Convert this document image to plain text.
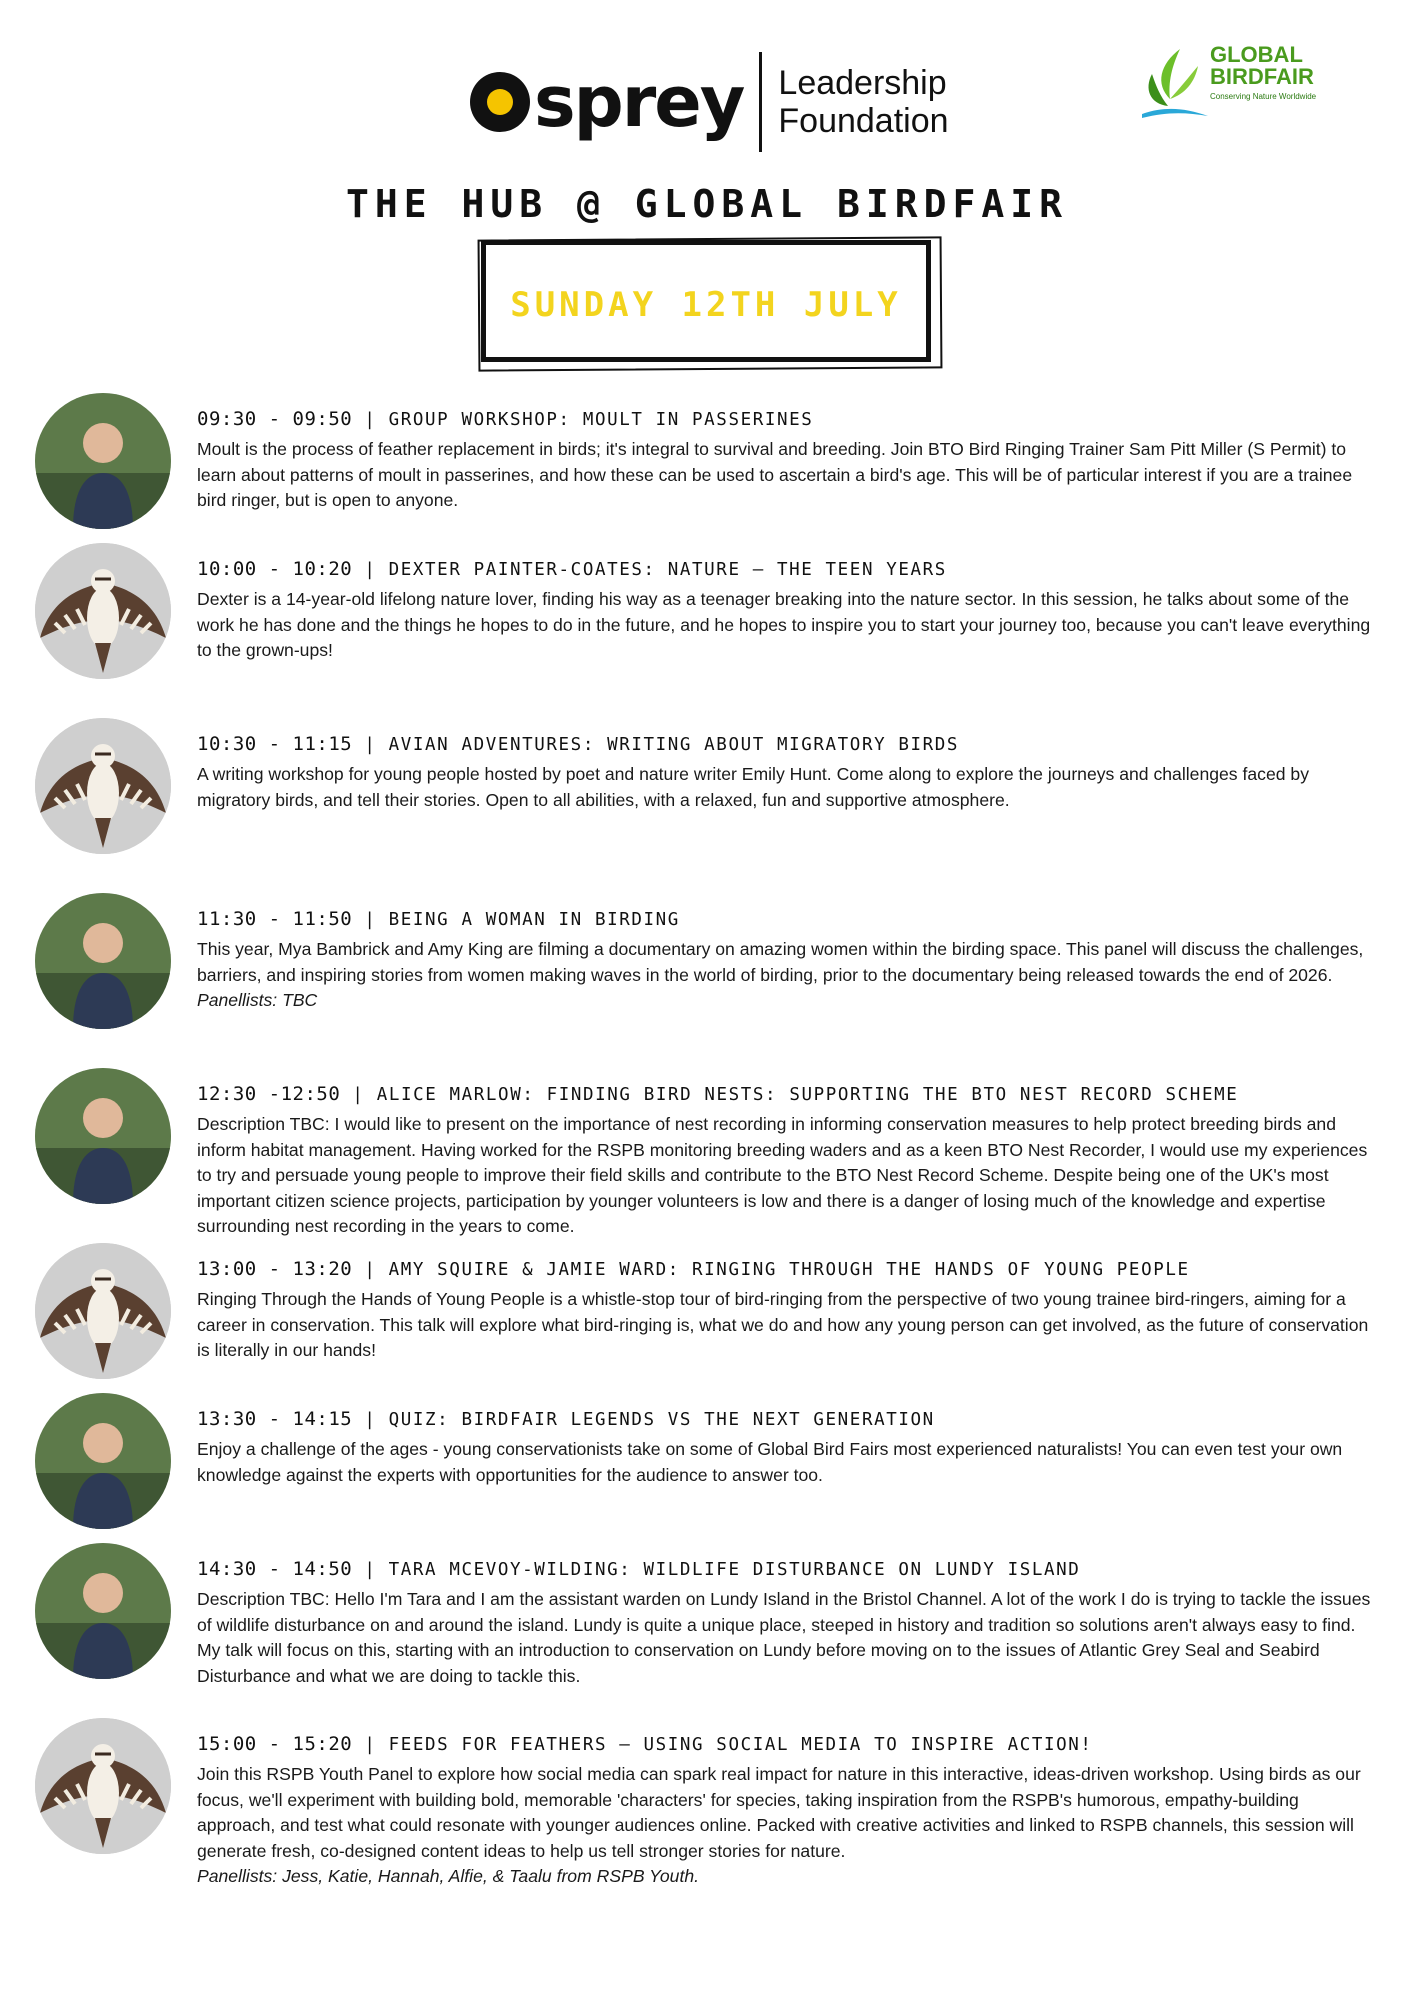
sprey Leadership
Foundation
GLOBAL
BIRDFAIR
Conserving Nature Worldwide
THE HUB @ GLOBAL BIRDFAIR
SUNDAY 12TH JULY
09:30 - 09:50 | GROUP WORKSHOP: MOULT IN PASSERINES
Moult is the process of feather replacement in birds; it's integral to survival and breeding. Join BTO Bird Ringing Trainer Sam Pitt Miller (S Permit) to learn about patterns of moult in passerines, and how these can be used to ascertain a bird's age. This will be of particular interest if you are a trainee bird ringer, but is open to anyone.
10:00 - 10:20 | DEXTER PAINTER-COATES: NATURE – THE TEEN YEARS
Dexter is a 14-year-old lifelong nature lover, finding his way as a teenager breaking into the nature sector. In this session, he talks about some of the work he has done and the things he hopes to do in the future, and he hopes to inspire you to start your journey too, because you can't leave everything to the grown-ups!
10:30 - 11:15 | AVIAN ADVENTURES: WRITING ABOUT MIGRATORY BIRDS
A writing workshop for young people hosted by poet and nature writer Emily Hunt. Come along to explore the journeys and challenges faced by migratory birds, and tell their stories. Open to all abilities, with a relaxed, fun and supportive atmosphere.
11:30 - 11:50 | BEING A WOMAN IN BIRDING
This year, Mya Bambrick and Amy King are filming a documentary on amazing women within the birding space. This panel will discuss the challenges, barriers, and inspiring stories from women making waves in the world of birding, prior to the documentary being released towards the end of 2026.
Panellists: TBC
12:30 -12:50 | ALICE MARLOW: FINDING BIRD NESTS: SUPPORTING THE BTO NEST RECORD SCHEME
Description TBC: I would like to present on the importance of nest recording in informing conservation measures to help protect breeding birds and inform habitat management. Having worked for the RSPB monitoring breeding waders and as a keen BTO Nest Recorder, I would use my experiences to try and persuade young people to improve their field skills and contribute to the BTO Nest Record Scheme. Despite being one of the UK's most important citizen science projects, participation by younger volunteers is low and there is a danger of losing much of the knowledge and expertise surrounding nest recording in the years to come.
13:00 - 13:20 | AMY SQUIRE & JAMIE WARD: RINGING THROUGH THE HANDS OF YOUNG PEOPLE
Ringing Through the Hands of Young People is a whistle-stop tour of bird-ringing from the perspective of two young trainee bird-ringers, aiming for a career in conservation. This talk will explore what bird-ringing is, what we do and how any young person can get involved, as the future of conservation is literally in our hands!
13:30 - 14:15 | QUIZ: BIRDFAIR LEGENDS VS THE NEXT GENERATION
Enjoy a challenge of the ages - young conservationists take on some of Global Bird Fairs most experienced naturalists! You can even test your own knowledge against the experts with opportunities for the audience to answer too.
14:30 - 14:50 | TARA MCEVOY-WILDING: WILDLIFE DISTURBANCE ON LUNDY ISLAND
Description TBC: Hello I'm Tara and I am the assistant warden on Lundy Island in the Bristol Channel. A lot of the work I do is trying to tackle the issues of wildlife disturbance on and around the island. Lundy is quite a unique place, steeped in history and tradition so solutions aren't always easy to find. My talk will focus on this, starting with an introduction to conservation on Lundy before moving on to the issues of Atlantic Grey Seal and Seabird Disturbance and what we are doing to tackle this.
15:00 - 15:20 | FEEDS FOR FEATHERS – USING SOCIAL MEDIA TO INSPIRE ACTION!
Join this RSPB Youth Panel to explore how social media can spark real impact for nature in this interactive, ideas-driven workshop. Using birds as our focus, we'll experiment with building bold, memorable 'characters' for species, taking inspiration from the RSPB's humorous, empathy-building approach, and test what could resonate with younger audiences online. Packed with creative activities and linked to RSPB channels, this session will generate fresh, co-designed content ideas to help us tell stronger stories for nature.
Panellists: Jess, Katie, Hannah, Alfie, & Taalu from RSPB Youth.
